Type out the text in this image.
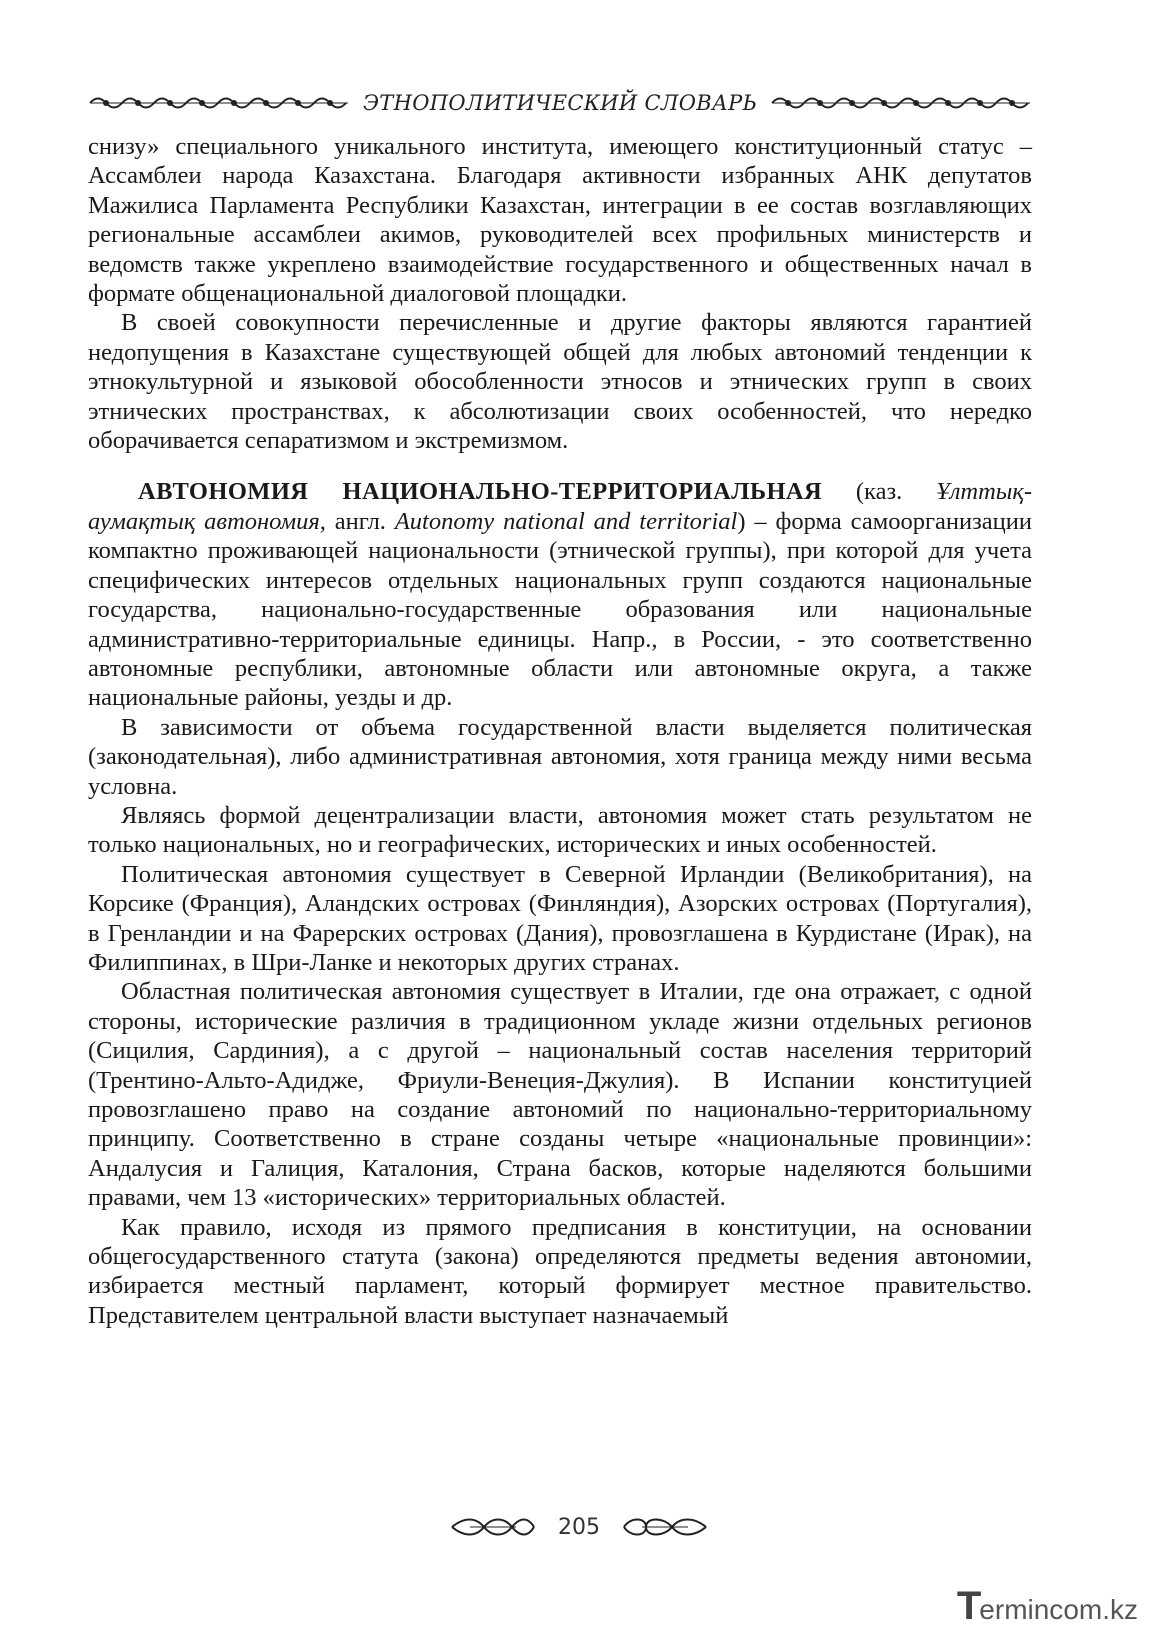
ЭТНОПОЛИТИЧЕСКИЙ СЛОВАРЬ

снизу» специального уникального института, имеющего конституционный статус – Ассамблеи народа Казахстана. Благодаря активности избранных АНК депутатов Мажилиса Парламента Республики Казахстан, интеграции в ее состав возглавляющих региональные ассамблеи акимов, руководителей всех профильных министерств и ведомств также укреплено взаимодействие государственного и общественных начал в формате общенациональной диалоговой площадки.

В своей совокупности перечисленные и другие факторы являются гарантией недопущения в Казахстане существующей общей для любых автономий тенденции к этнокультурной и языковой обособленности этносов и этнических групп в своих этнических пространствах, к абсолютизации своих особенностей, что нередко оборачивается сепаратизмом и экстремизмом.

АВТОНОМИЯ НАЦИОНАЛЬНО-ТЕРРИТОРИАЛЬНАЯ (каз. Ұлттық-аумақтық автономия, англ. Autonomy national and territorial) – форма самоорганизации компактно проживающей национальности (этнической группы), при которой для учета специфических интересов отдельных национальных групп создаются национальные государства, национально-государственные образования или национальные административно-территориальные единицы. Напр., в России, - это соответственно автономные республики, автономные области или автономные округа, а также национальные районы, уезды и др.

В зависимости от объема государственной власти выделяется политическая (законодательная), либо административная автономия, хотя граница между ними весьма условна.

Являясь формой децентрализации власти, автономия может стать результатом не только национальных, но и географических, исторических и иных особенностей.

Политическая автономия существует в Северной Ирландии (Великобритания), на Корсике (Франция), Аландских островах (Финляндия), Азорских островах (Португалия), в Гренландии и на Фарерских островах (Дания), провозглашена в Курдистане (Ирак), на Филиппинах, в Шри-Ланке и некоторых других странах.

Областная политическая автономия существует в Италии, где она отражает, с одной стороны, исторические различия в традиционном укладе жизни отдельных регионов (Сицилия, Сардиния), а с другой – национальный состав населения территорий (Трентино-Альто-Адидже, Фриули-Венеция-Джулия). В Испании конституцией провозглашено право на создание автономий по национально-территориальному принципу. Соответственно в стране созданы четыре «национальные провинции»: Андалусия и Галиция, Каталония, Страна басков, которые наделяются большими правами, чем 13 «исторических» территориальных областей.

Как правило, исходя из прямого предписания в конституции, на основании общегосударственного статута (закона) определяются предметы ведения автономии, избирается местный парламент, который формирует местное правительство. Представителем центральной власти выступает назначаемый

205
T
erminc o m.kz
